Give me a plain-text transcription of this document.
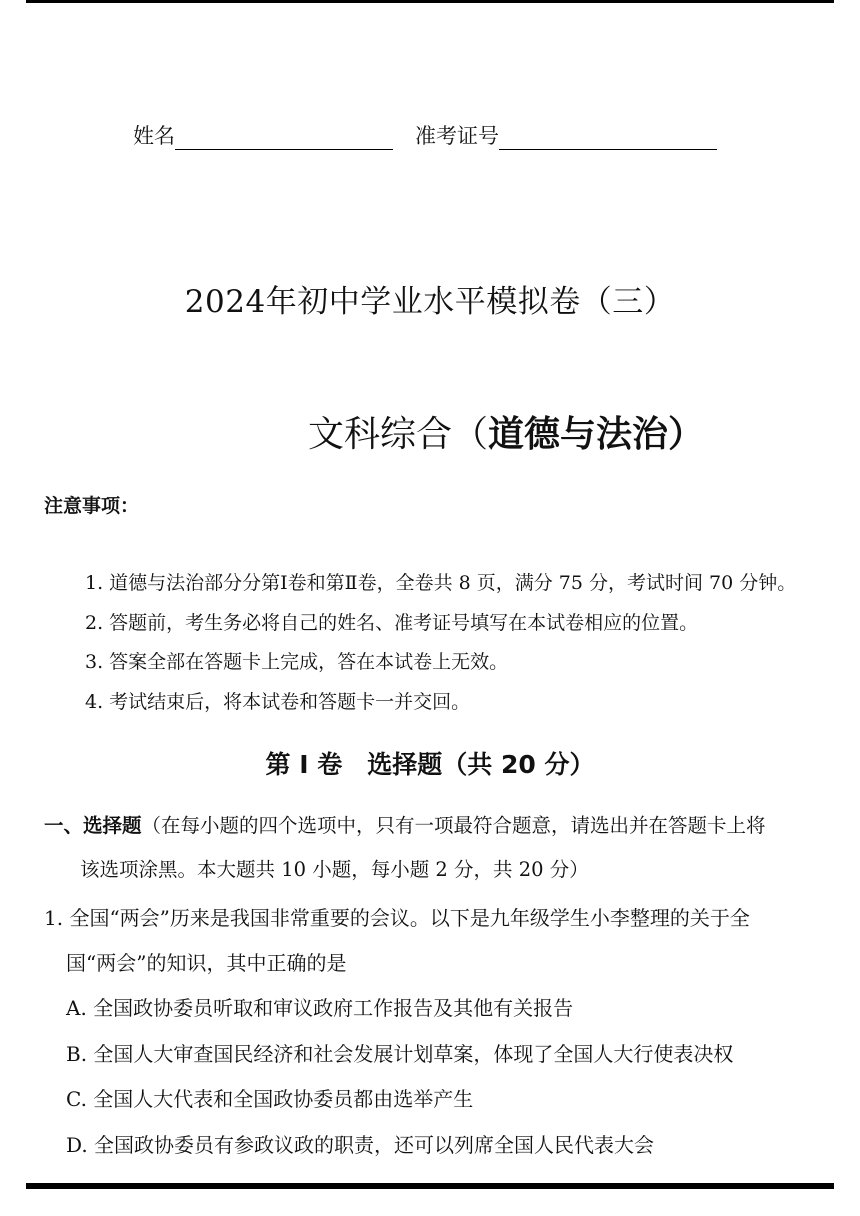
姓名	准考证号
2024年初中学业水平模拟卷（三）
文科综合（道德与法治）
注意事项：
1. 道德与法治部分分第Ⅰ卷和第Ⅱ卷，全卷共 8 页，满分 75 分，考试时间 70 分钟。
2. 答题前，考生务必将自己的姓名、准考证号填写在本试卷相应的位置。
3. 答案全部在答题卡上完成，答在本试卷上无效。
4. 考试结束后，将本试卷和答题卡一并交回。
第 Ⅰ 卷　选择题（共 20 分）
一、选择题（在每小题的四个选项中，只有一项最符合题意，请选出并在答题卡上将
该选项涂黑。本大题共 10 小题，每小题 2 分，共 20 分）
1. 全国“两会”历来是我国非常重要的会议。以下是九年级学生小李整理的关于全
国“两会”的知识，其中正确的是
A. 全国政协委员听取和审议政府工作报告及其他有关报告
B. 全国人大审查国民经济和社会发展计划草案，体现了全国人大行使表决权
C. 全国人大代表和全国政协委员都由选举产生
D. 全国政协委员有参政议政的职责，还可以列席全国人民代表大会
